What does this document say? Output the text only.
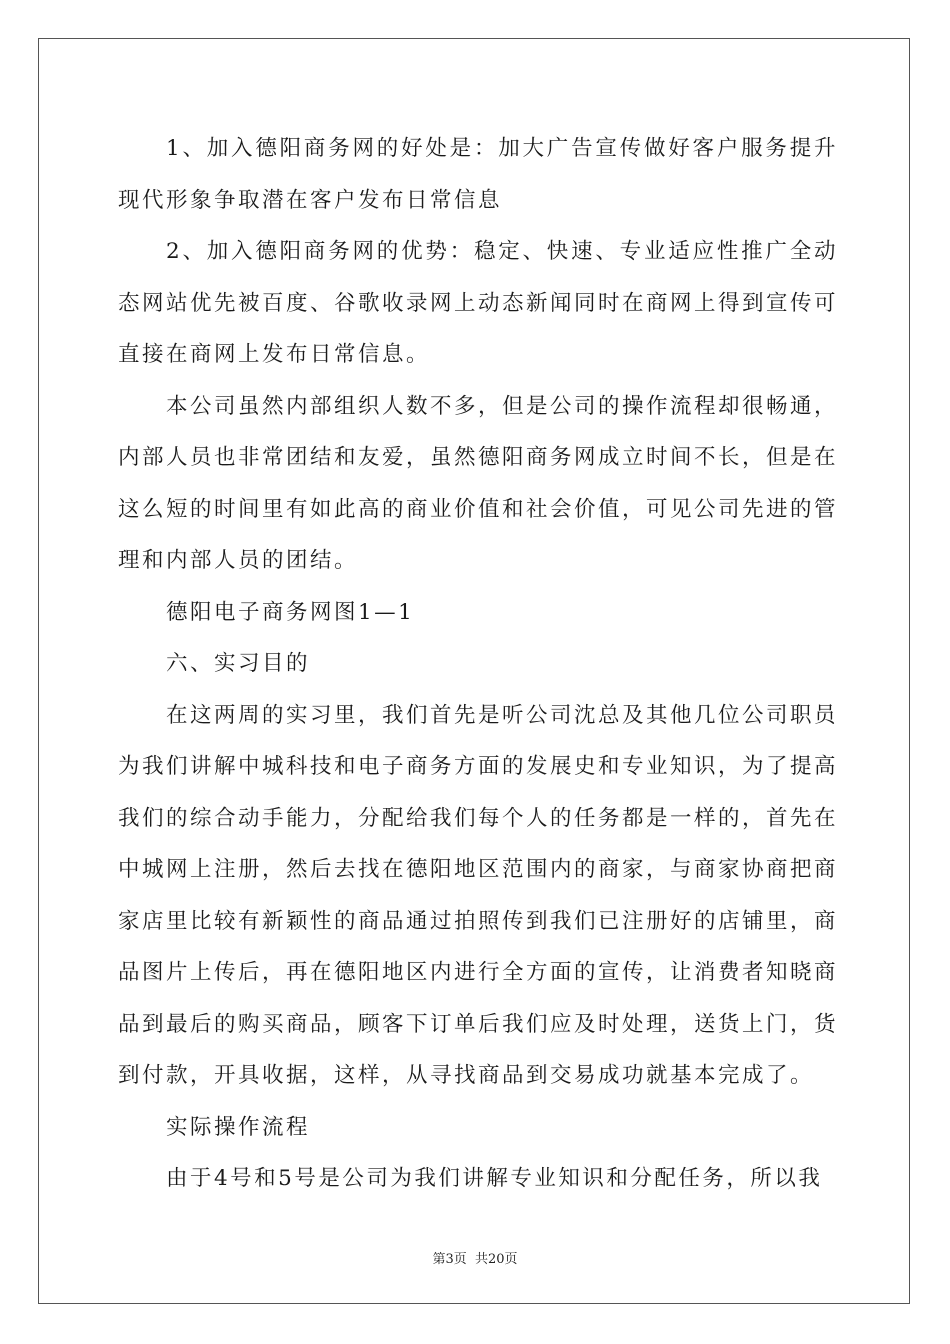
1、加入德阳商务网的好处是：加大广告宣传做好客户服务提升现代形象争取潜在客户发布日常信息

2、加入德阳商务网的优势：稳定、快速、专业适应性推广全动态网站优先被百度、谷歌收录网上动态新闻同时在商网上得到宣传可直接在商网上发布日常信息。

本公司虽然内部组织人数不多，但是公司的操作流程却很畅通，内部人员也非常团结和友爱，虽然德阳商务网成立时间不长，但是在这么短的时间里有如此高的商业价值和社会价值，可见公司先进的管理和内部人员的团结。

德阳电子商务网图1—1

六、实习目的

在这两周的实习里，我们首先是听公司沈总及其他几位公司职员为我们讲解中城科技和电子商务方面的发展史和专业知识，为了提高我们的综合动手能力，分配给我们每个人的任务都是一样的，首先在中城网上注册，然后去找在德阳地区范围内的商家，与商家协商把商家店里比较有新颖性的商品通过拍照传到我们已注册好的店铺里，商品图片上传后，再在德阳地区内进行全方面的宣传，让消费者知晓商品到最后的购买商品，顾客下订单后我们应及时处理，送货上门，货到付款，开具收据，这样，从寻找商品到交易成功就基本完成了。

实际操作流程

由于4号和5号是公司为我们讲解专业知识和分配任务，所以我

第3页 共20页
